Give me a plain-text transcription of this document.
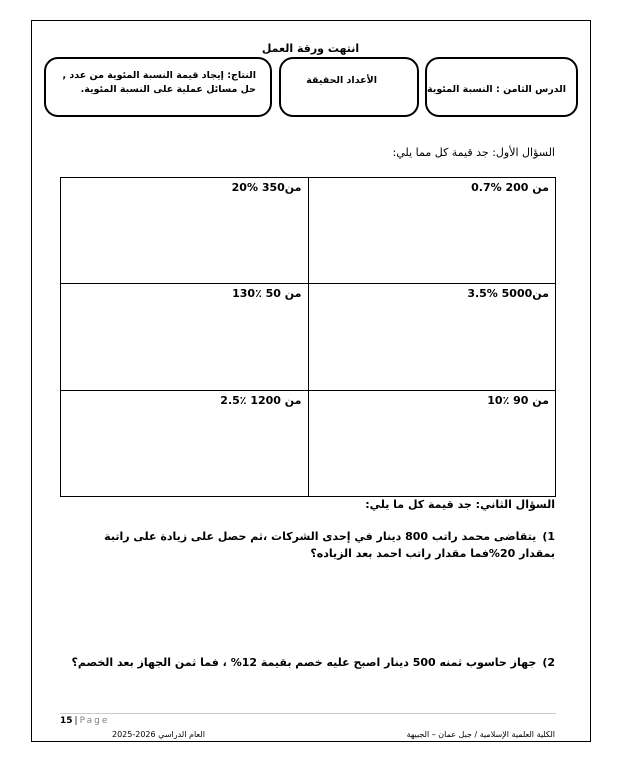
انتهت ورقة العمل
الدرس الثامن : النسبة المئوية
الأعداد الحقيقة
النتاج: إيجاد قيمة النسبة المئوية من عدد , حل مسائل عملية على النسبة المئوية.
السؤال الأول: جد قيمة كل مما يلي:
20% من350	0.7% من 200

130٪ من 50	3.5% من5000

2.5٪ من 1200	10٪ من 90
السؤال الثاني: جد قيمة كل ما يلي:
1)يتقاضى محمد راتب 800 دينار في إحدى الشركات ،ثم حصل على زيادة على راتبة بمقدار 20%فما مقدار راتب احمد بعد الزياده؟
2)جهاز حاسوب ثمنه 500 دينار اصبح عليه خصم بقيمة 12% ، فما ثمن الجهاز بعد الخصم؟
15 | Page
العام الدراسي 2026-2025	الكلية العلمية الإسلامية / جبل عمان – الجبيهة
